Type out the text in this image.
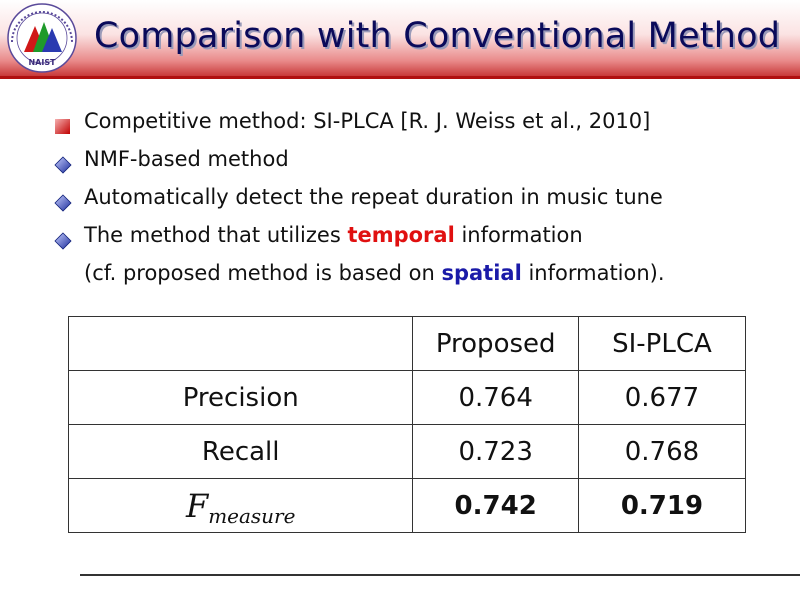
NAIST
Comparison with Conventional Method
Competitive method: SI-PLCA [R. J. Weiss et al., 2010]
NMF-based method
Automatically detect the repeat duration in music tune
The method that utilizes temporal information
(cf. proposed method is based on spatial information).
	Proposed	SI-PLCA
Precision	0.764	0.677
Recall	0.723	0.768
$F_{measure}$	0.742	0.719
